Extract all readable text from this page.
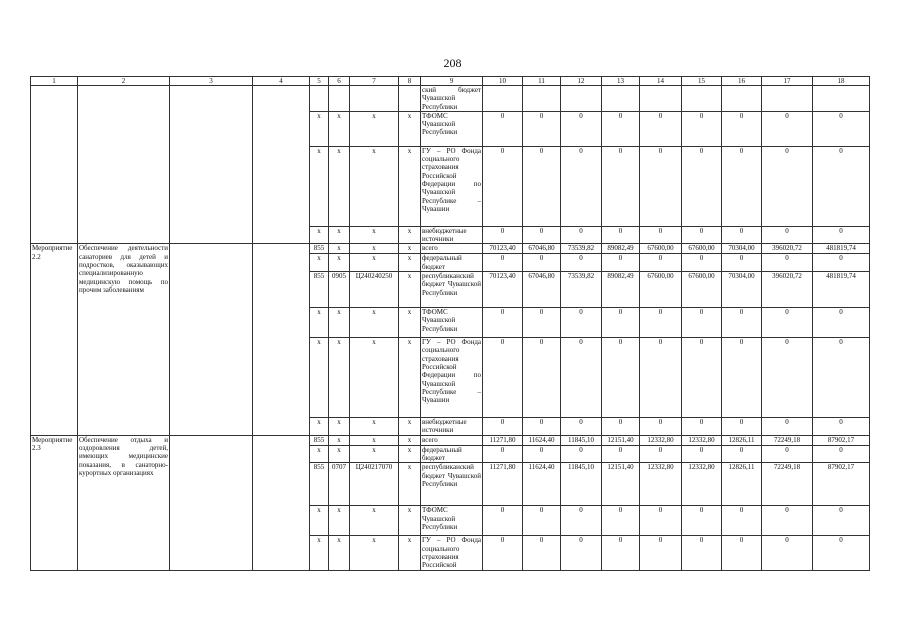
208
1	2	3	4	5	6	7	8	9	10	11	12	13	14	15	16	17	18
								ский бюджет Чувашской Республики									
				x	x	x	x	ТФОМС Чувашской Республики	0	0	0	0	0	0	0	0	0
				x	x	x	x	ГУ – РО Фонда социального страхования Российской Федерации по Чувашской Республике – Чувашии	0	0	0	0	0	0	0	0	0
				x	x	x	x	внебюджетные источники	0	0	0	0	0	0	0	0	0
Мероприятие 2.2	Обеспечение деятельности санаториев для детей и подростков, оказывающих специализированную медицинскую помощь по прочим заболеваниям			855	x	x	x	всего	70123,40	67046,80	73539,82	89082,49	67600,00	67600,00	70304,00	396020,72	481819,74
				x	x	x	x	федеральный бюджет	0	0	0	0	0	0	0	0	0
				855	0905	Ц240240250	x	республиканский бюджет Чувашской Республики	70123,40	67046,80	73539,82	89082,49	67600,00	67600,00	70304,00	396020,72	481819,74
				x	x	x	x	ТФОМС Чувашской Республики	0	0	0	0	0	0	0	0	0
				x	x	x	x	ГУ – РО Фонда социального страхования Российской Федерации по Чувашской Республике – Чувашии	0	0	0	0	0	0	0	0	0
				x	x	x	x	внебюджетные источники	0	0	0	0	0	0	0	0	0
Мероприятие 2.3	Обеспечение отдыха и оздоровления детей, имеющих медицинские показания, в санаторно-курортных организациях			855	x	x	x	всего	11271,80	11624,40	11845,10	12151,40	12332,80	12332,80	12826,11	72249,18	87902,17
				x	x	x	x	федеральный бюджет	0	0	0	0	0	0	0	0	0
				855	0707	Ц240217070	x	республиканский бюджет Чувашской Республики	11271,80	11624,40	11845,10	12151,40	12332,80	12332,80	12826,11	72249,18	87902,17
				x	x	x	x	ТФОМС Чувашской Республики	0	0	0	0	0	0	0	0	0
				x	x	x	x	ГУ – РО Фонда социального страхования Российской	0	0	0	0	0	0	0	0	0
